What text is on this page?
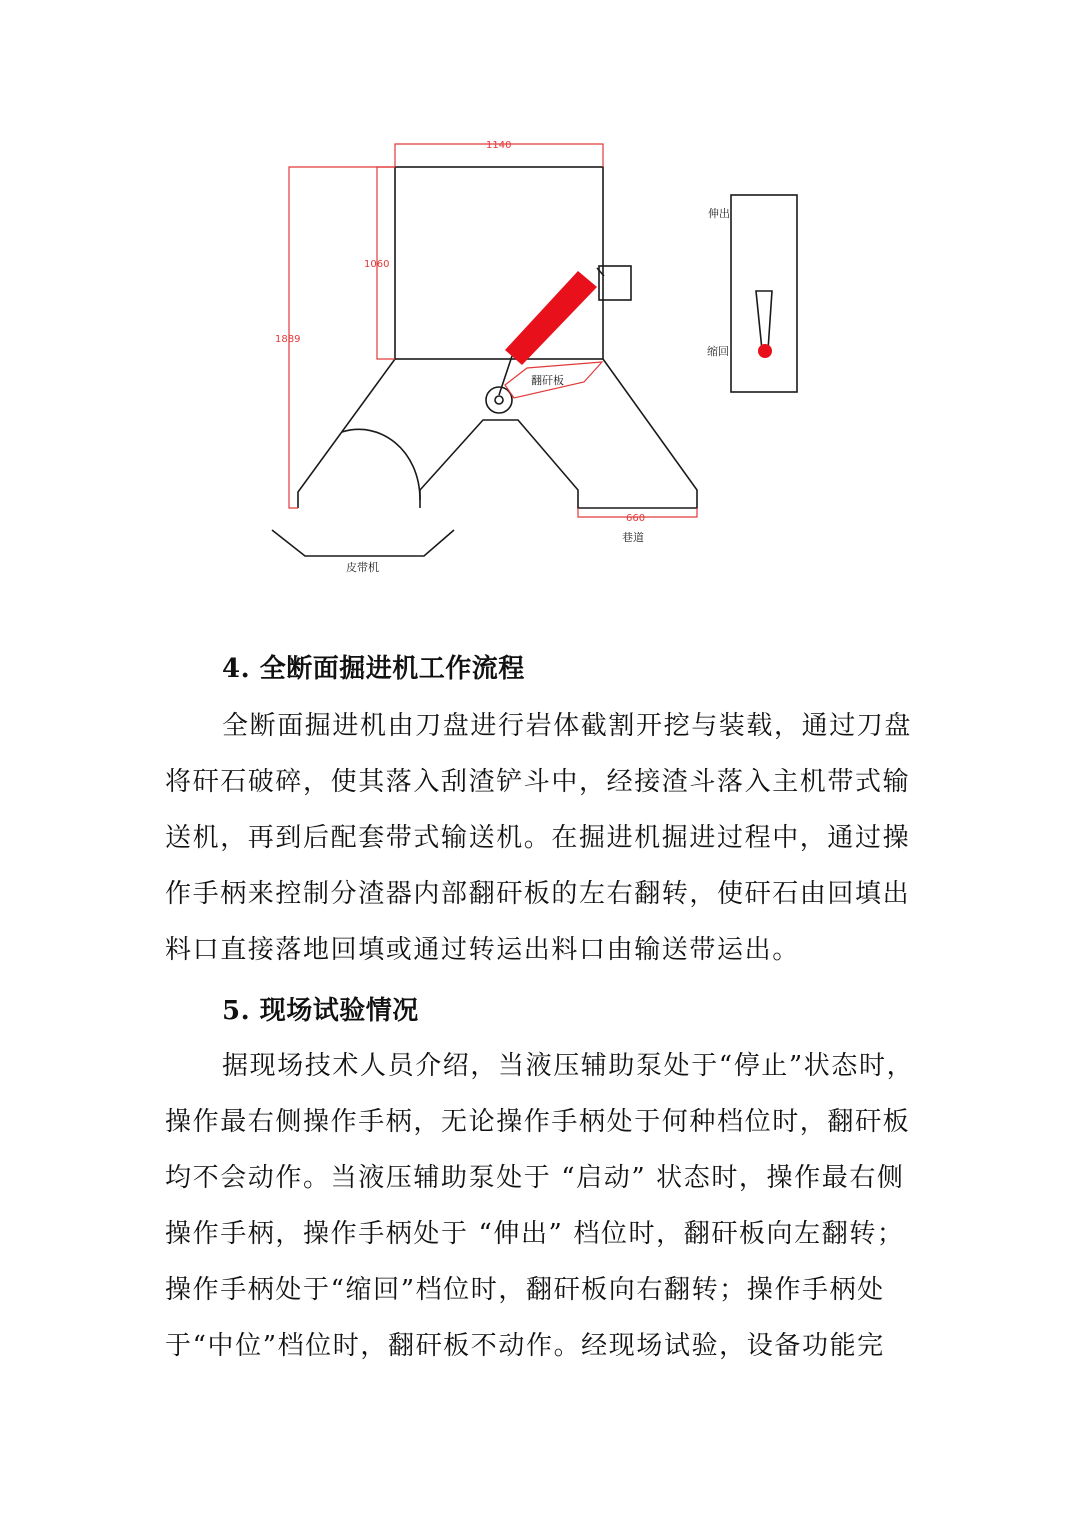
1140
1060
1889
660
翻矸板
皮带机
巷道
伸出
缩回
4. 全断面掘进机工作流程
全断面掘进机由刀盘进行岩体截割开挖与装载，通过刀盘
将矸石破碎，使其落入刮渣铲斗中，经接渣斗落入主机带式输
送机，再到后配套带式输送机。在掘进机掘进过程中，通过操
作手柄来控制分渣器内部翻矸板的左右翻转，使矸石由回填出
料口直接落地回填或通过转运出料口由输送带运出。
5. 现场试验情况
据现场技术人员介绍，当液压辅助泵处于“停止”状态时，
操作最右侧操作手柄，无论操作手柄处于何种档位时，翻矸板
均不会动作。当液压辅助泵处于 “启动” 状态时，操作最右侧
操作手柄，操作手柄处于 “伸出” 档位时，翻矸板向左翻转；
操作手柄处于“缩回”档位时，翻矸板向右翻转；操作手柄处
于“中位”档位时，翻矸板不动作。经现场试验，设备功能完
